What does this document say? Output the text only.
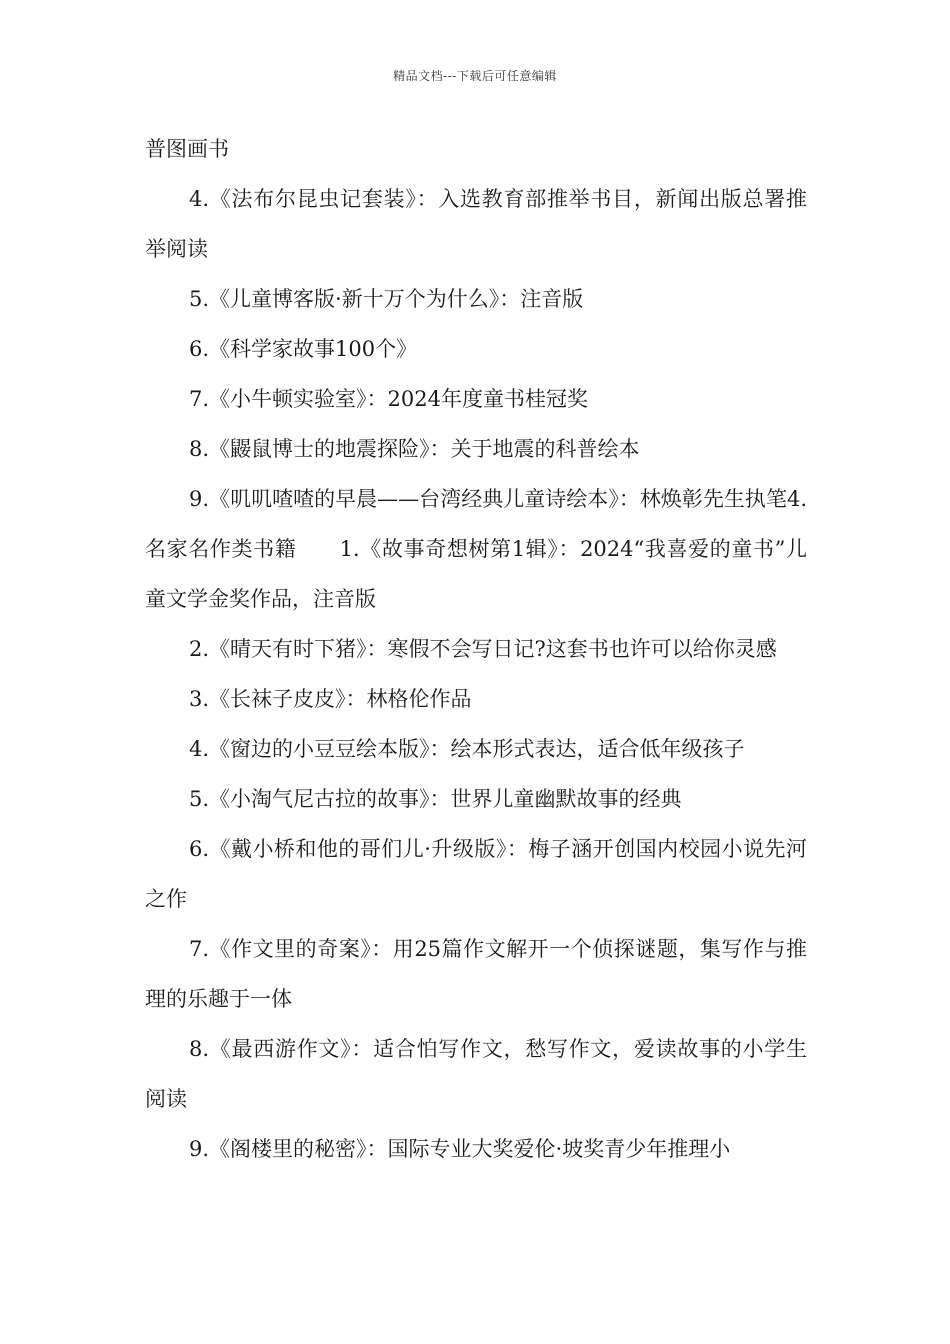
精品文档---下载后可任意编辑

普图画书

4.《法布尔昆虫记套装》：入选教育部推举书目，新闻出版总署推举阅读

5.《儿童博客版·新十万个为什么》：注音版

6.《科学家故事100个》

7.《小牛顿实验室》：2024年度童书桂冠奖

8.《鼹鼠博士的地震探险》：关于地震的科普绘本

9.《叽叽喳喳的早晨——台湾经典儿童诗绘本》：林焕彰先生执笔4.名家名作类书籍　　1.《故事奇想树第1辑》：2024“我喜爱的童书”儿童文学金奖作品，注音版

2.《晴天有时下猪》：寒假不会写日记?这套书也许可以给你灵感

3.《长袜子皮皮》：林格伦作品

4.《窗边的小豆豆绘本版》：绘本形式表达，适合低年级孩子

5.《小淘气尼古拉的故事》：世界儿童幽默故事的经典

6.《戴小桥和他的哥们儿·升级版》：梅子涵开创国内校园小说先河之作

7.《作文里的奇案》：用25篇作文解开一个侦探谜题，集写作与推理的乐趣于一体

8.《最西游作文》：适合怕写作文，愁写作文，爱读故事的小学生阅读

9.《阁楼里的秘密》：国际专业大奖爱伦·坡奖青少年推理小
